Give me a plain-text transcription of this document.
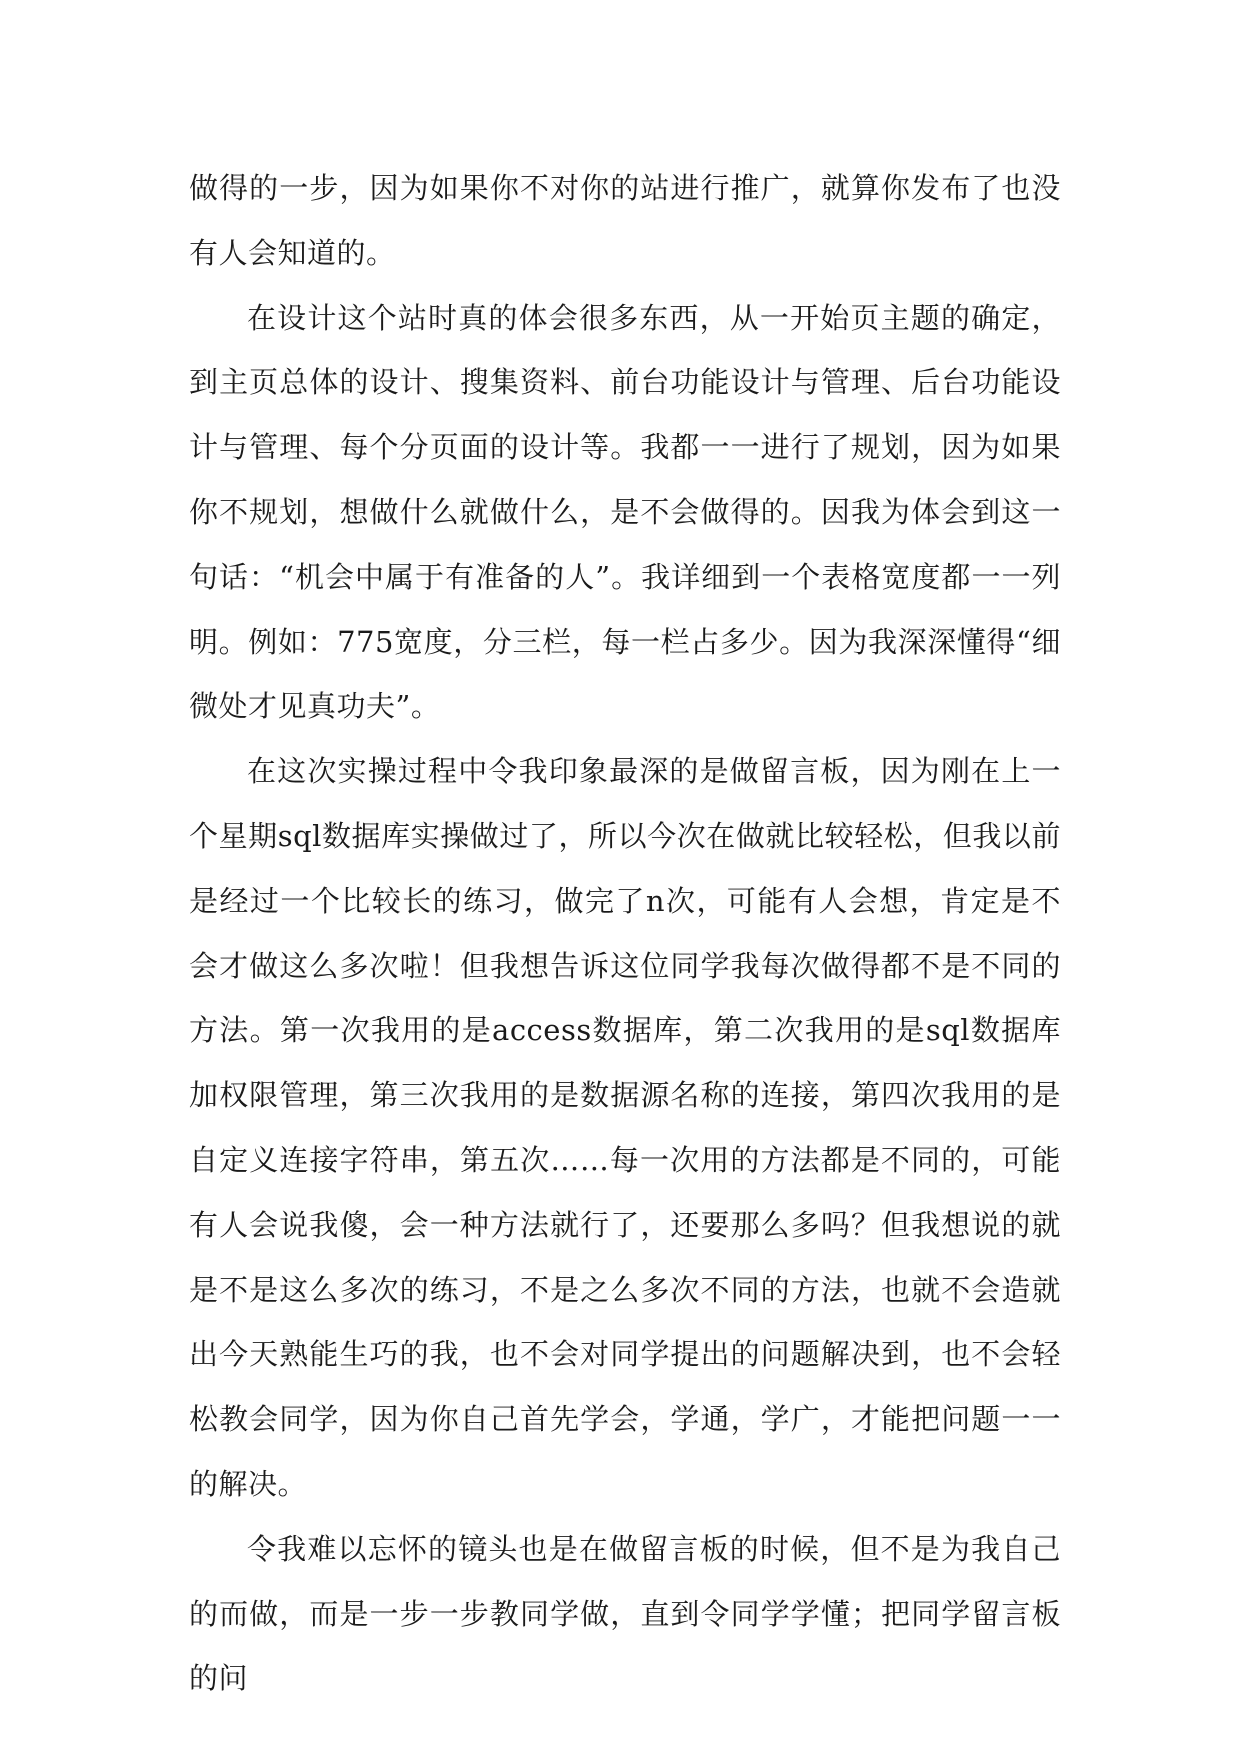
做得的一步，因为如果你不对你的站进行推广，就算你发布了也没有人会知道的。

在设计这个站时真的体会很多东西，从一开始页主题的确定，到主页总体的设计、搜集资料、前台功能设计与管理、后台功能设计与管理、每个分页面的设计等。我都一一进行了规划，因为如果你不规划，想做什么就做什么，是不会做得的。因我为体会到这一句话：“机会中属于有准备的人”。我详细到一个表格宽度都一一列明。例如：775宽度，分三栏，每一栏占多少。因为我深深懂得“细微处才见真功夫”。

在这次实操过程中令我印象最深的是做留言板，因为刚在上一个星期sql数据库实操做过了，所以今次在做就比较轻松，但我以前是经过一个比较长的练习，做完了n次，可能有人会想，肯定是不会才做这么多次啦！但我想告诉这位同学我每次做得都不是不同的方法。第一次我用的是access数据库，第二次我用的是sql数据库加权限管理，第三次我用的是数据源名称的连接，第四次我用的是自定义连接字符串，第五次……每一次用的方法都是不同的，可能有人会说我傻，会一种方法就行了，还要那么多吗？但我想说的就是不是这么多次的练习，不是之么多次不同的方法，也就不会造就出今天熟能生巧的我，也不会对同学提出的问题解决到，也不会轻松教会同学，因为你自己首先学会，学通，学广，才能把问题一一的解决。

令我难以忘怀的镜头也是在做留言板的时候，但不是为我自己的而做，而是一步一步教同学做，直到令同学学懂；把同学留言板的问
